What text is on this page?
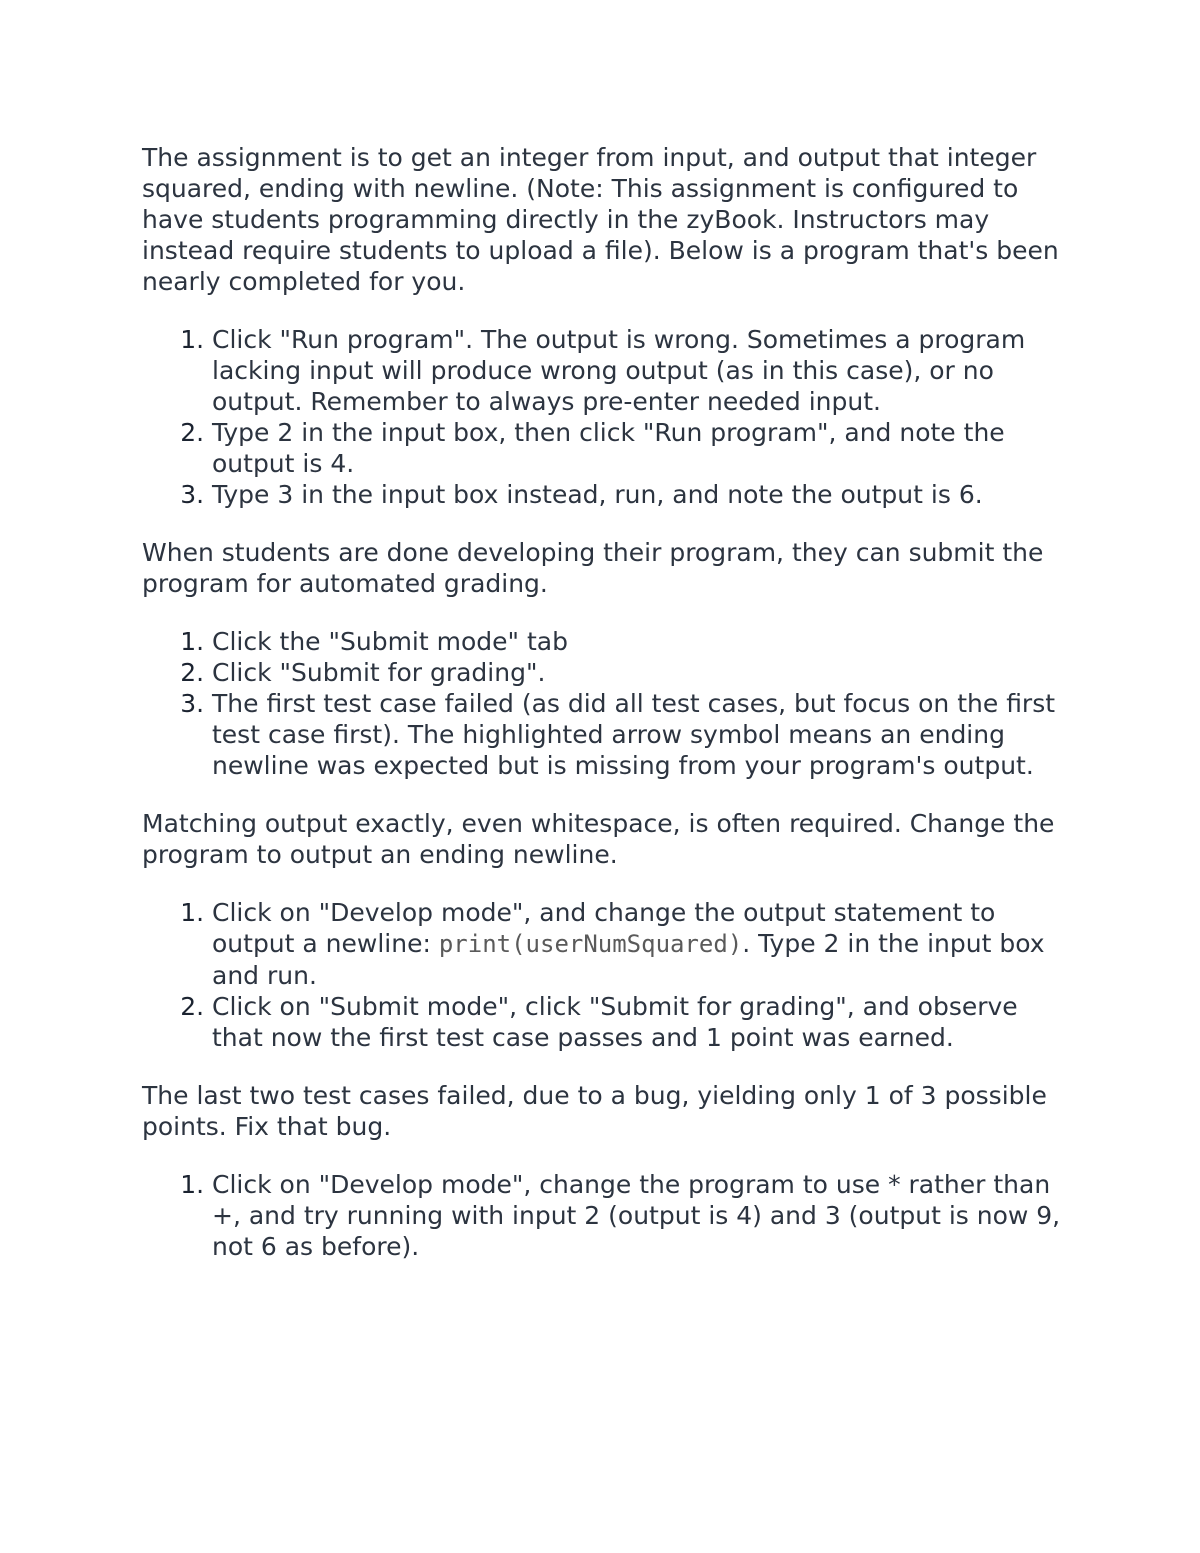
The assignment is to get an integer from input, and output that integer squared, ending with newline. (Note: This assignment is configured to have students programming directly in the zyBook. Instructors may instead require students to upload a file). Below is a program that's been nearly completed for you.

1. Click "Run program". The output is wrong. Sometimes a program lacking input will produce wrong output (as in this case), or no output. Remember to always pre-enter needed input.
2. Type 2 in the input box, then click "Run program", and note the output is 4.
3. Type 3 in the input box instead, run, and note the output is 6.

When students are done developing their program, they can submit the program for automated grading.

1. Click the "Submit mode" tab
2. Click "Submit for grading".
3. The first test case failed (as did all test cases, but focus on the first test case first). The highlighted arrow symbol means an ending newline was expected but is missing from your program's output.

Matching output exactly, even whitespace, is often required. Change the program to output an ending newline.

1. Click on "Develop mode", and change the output statement to output a newline: print(userNumSquared). Type 2 in the input box and run.
2. Click on "Submit mode", click "Submit for grading", and observe that now the first test case passes and 1 point was earned.

The last two test cases failed, due to a bug, yielding only 1 of 3 possible points. Fix that bug.

1. Click on "Develop mode", change the program to use * rather than +, and try running with input 2 (output is 4) and 3 (output is now 9, not 6 as before).
